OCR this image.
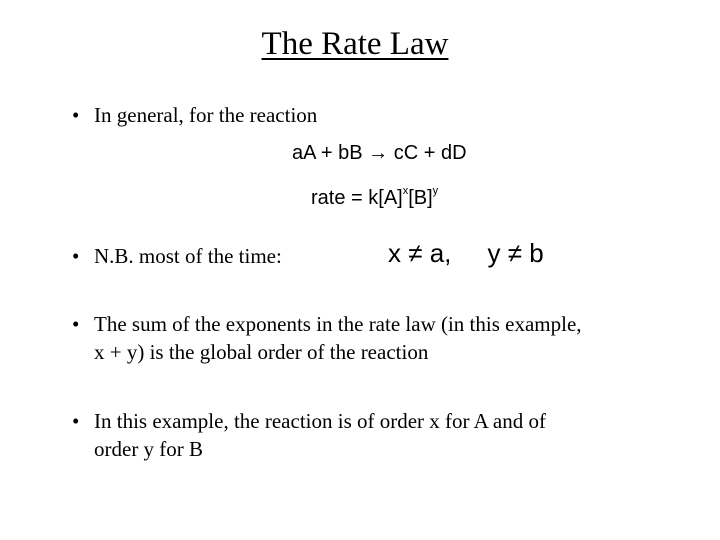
The Rate Law
• In general, for the reaction
aA + bB → cC + dD
rate = $k[A]^x[B]^y$
• N.B. most of the time:	x ≠ a,     y ≠ b
• The sum of the exponents in the rate law (in this example,
x + y) is the global order of the reaction
• In this example, the reaction is of order x for A and of
order y for B
